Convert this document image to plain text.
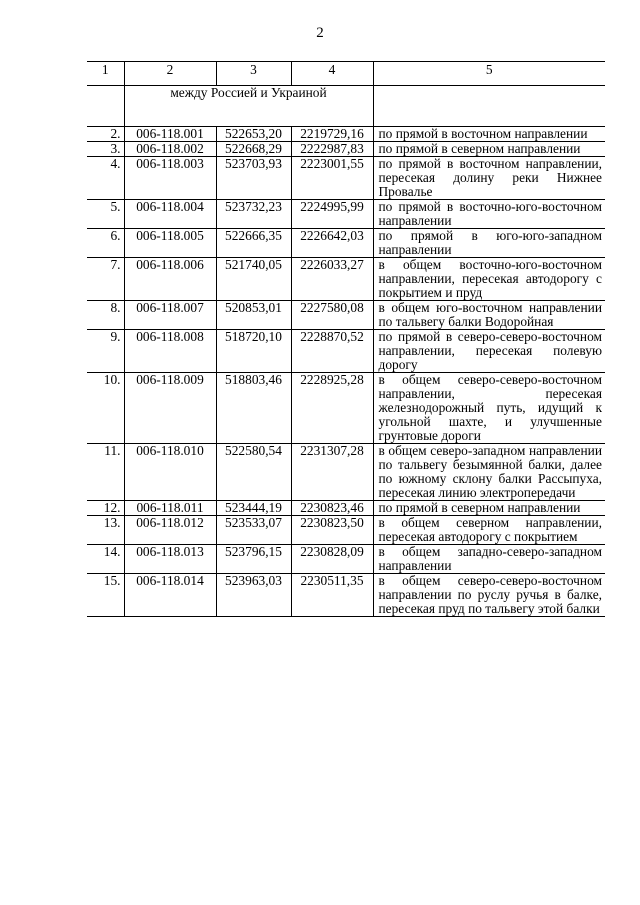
2
1	2	3	4	5
	между Россией и Украиной			
2.	006-118.001	522653,20	2219729,16	по прямой в восточном направлении
3.	006-118.002	522668,29	2222987,83	по прямой в северном направлении
4.	006-118.003	523703,93	2223001,55	по прямой в восточном направлении, пересекая долину реки Нижнее Провалье
5.	006-118.004	523732,23	2224995,99	по прямой в восточно-юго-восточном направлении
6.	006-118.005	522666,35	2226642,03	по прямой в юго-юго-западном направлении
7.	006-118.006	521740,05	2226033,27	в общем восточно-юго-восточном направлении, пересекая автодорогу с покрытием и пруд
8.	006-118.007	520853,01	2227580,08	в общем юго-восточном направлении по тальвегу балки Водоройная
9.	006-118.008	518720,10	2228870,52	по прямой в северо-северо-восточном направлении, пересекая полевую дорогу
10.	006-118.009	518803,46	2228925,28	в общем северо-северо-восточном направлении, пересекая железнодорожный путь, идущий к угольной шахте, и улучшенные грунтовые дороги
11.	006-118.010	522580,54	2231307,28	в общем северо-западном направлении по тальвегу безымянной балки, далее по южному склону балки Рассыпуха, пересекая линию электропередачи
12.	006-118.011	523444,19	2230823,46	по прямой в северном направлении
13.	006-118.012	523533,07	2230823,50	в общем северном направлении, пересекая автодорогу с покрытием
14.	006-118.013	523796,15	2230828,09	в общем западно-северо-западном направлении
15.	006-118.014	523963,03	2230511,35	в общем северо-северо-восточном направлении по руслу ручья в балке, пересекая пруд по тальвегу этой балки
